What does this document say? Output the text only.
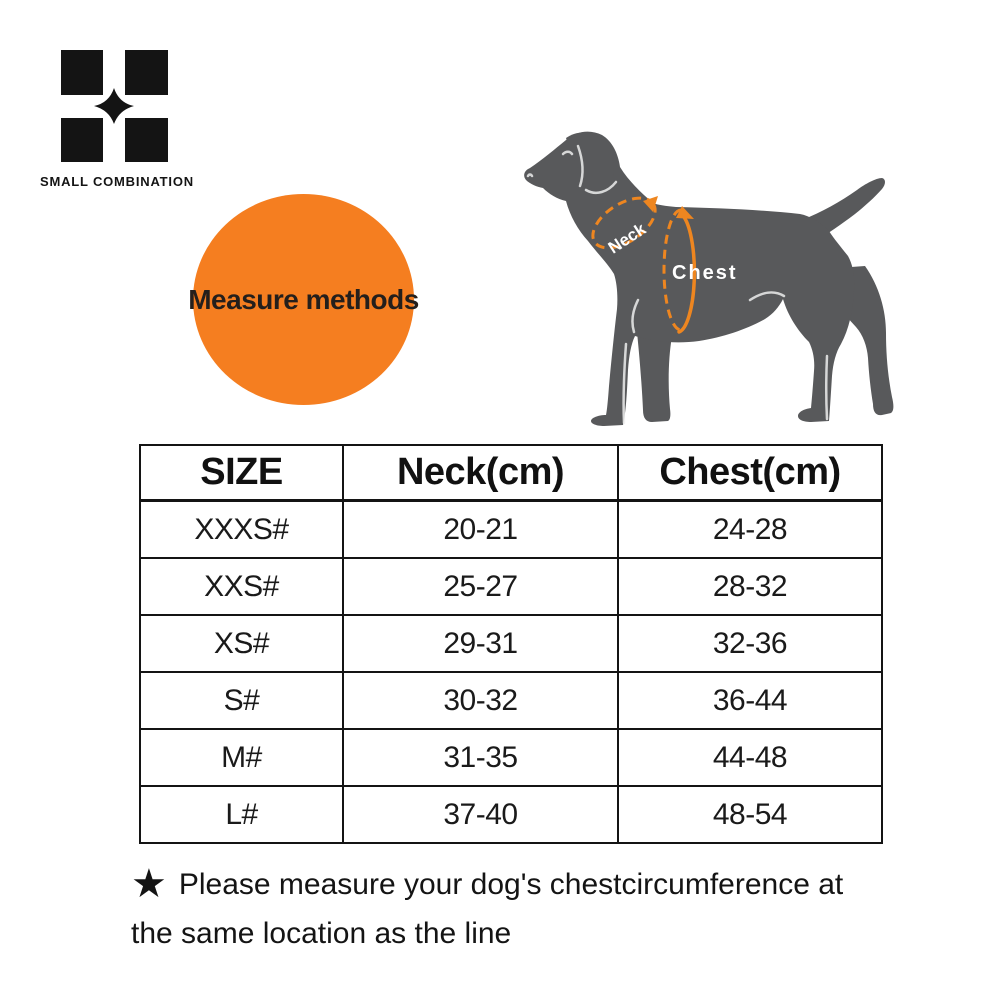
SMALL COMBINATION
Measure methods
Neck
Chest
SIZE	Neck(cm)	Chest(cm)
XXXS#	20-21	24-28
XXS#	25-27	28-32
XS#	29-31	32-36
S#	30-32	36-44
M#	31-35	44-48
L#	37-40	48-54
★ Please measure your dog's chestcircumference at
the same location as the line
